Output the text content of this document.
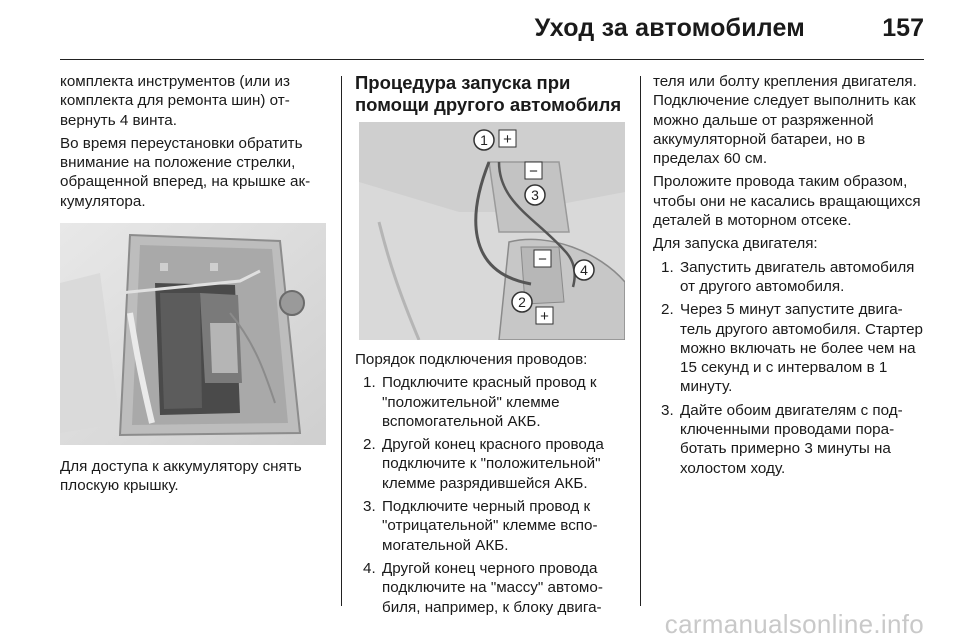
Уход за автомобилем	157

комплекта инструментов (или из комплекта для ремонта шин) отвернуть 4 винта.

Во время переустановки обратить внимание на положение стрелки, обращенной вперед, на крышке аккумулятора.

Для доступа к аккумулятору снять плоскую крышку.

Процедура запуска при помощи другого автомобиля
1 +
−
3
−
4
2
+

Порядок подключения проводов:

1. Подключите красный провод к "положительной" клемме вспомогательной АКБ.
2. Другой конец красного провода подключите к "положительной" клемме разрядившейся АКБ.
3. Подключите черный провод к "отрицательной" клемме вспомогательной АКБ.
4. Другой конец черного провода подключите на "массу" автомобиля, например, к блоку двига-

теля или болту крепления двигателя. Подключение следует выполнить как можно дальше от разряженной аккумуляторной батареи, но в пределах 60 см.

Проложите провода таким образом, чтобы они не касались вращающихся деталей в моторном отсеке.

Для запуска двигателя:

1. Запустить двигатель автомобиля от другого автомобиля.
2. Через 5 минут запустите двигатель другого автомобиля. Стартер можно включать не более чем на 15 секунд и с интервалом в 1 минуту.
3. Дайте обоим двигателям с подключенными проводами поработать примерно 3 минуты на холостом ходу.
carmanualsonline.info
